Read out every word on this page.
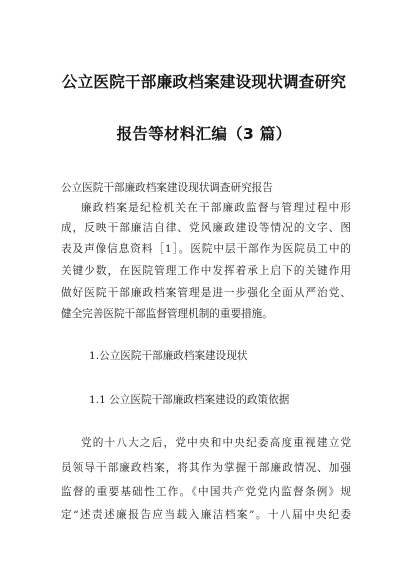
公立医院干部廉政档案建设现状调查研究
报告等材料汇编（3 篇）
公立医院干部廉政档案建设现状调查研究报告
廉政档案是纪检机关在干部廉政监督与管理过程中形
成，反映干部廉洁自律、党风廉政建设等情况的文字、图
表及声像信息资料［1］。医院中层干部作为医院员工中的
关键少数，在医院管理工作中发挥着承上启下的关键作用
做好医院干部廉政档案管理是进一步强化全面从严治党、
健全完善医院干部监督管理机制的重要措施。
1.公立医院干部廉政档案建设现状
1.1 公立医院干部廉政档案建设的政策依据
党的十八大之后，党中央和中央纪委高度重视建立党
员领导干部廉政档案，将其作为掌握干部廉政情况、加强
监督的重要基础性工作。《中国共产党党内监督条例》规
定“述责述廉报告应当载入廉洁档案”。十八届中央纪委
